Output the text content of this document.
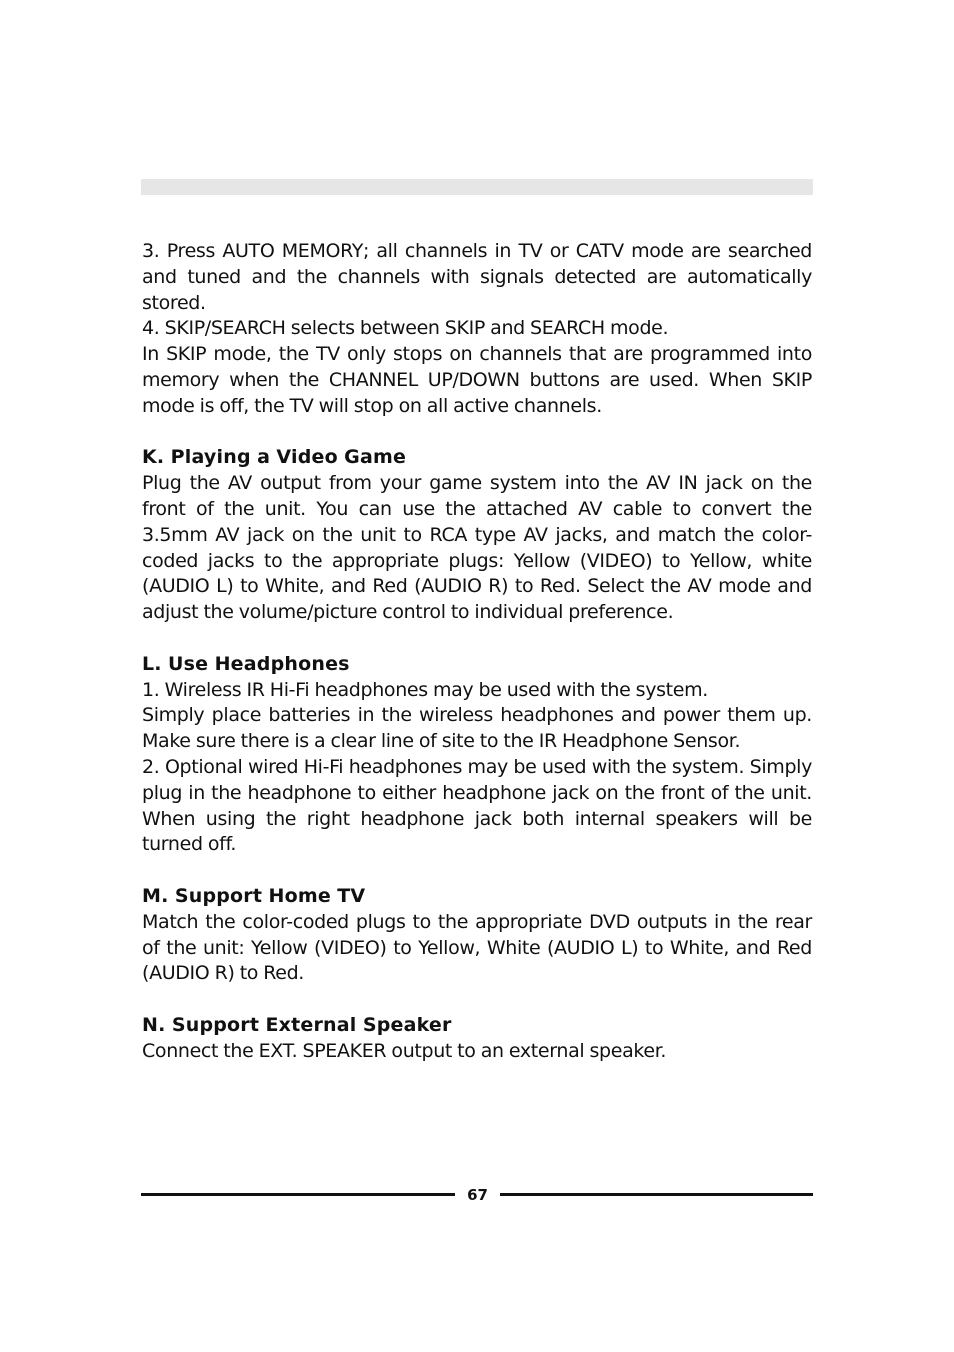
3. Press AUTO MEMORY; all channels in TV or CATV mode are searched and tuned and the channels with signals detected are automatically stored.

4. SKIP/SEARCH selects between SKIP and SEARCH mode.

In SKIP mode, the TV only stops on channels that are programmed into memory when the CHANNEL UP/DOWN buttons are used. When SKIP mode is off, the TV will stop on all active channels.

K. Playing a Video Game

Plug the AV output from your game system into the AV IN jack on the front of the unit. You can use the attached AV cable to convert the 3.5mm AV jack on the unit to RCA type AV jacks, and match the color-coded jacks to the appropriate plugs: Yellow (VIDEO) to Yellow, white (AUDIO L) to White, and Red (AUDIO R) to Red. Select the AV mode and adjust the volume/picture control to individual preference.

L. Use Headphones

1. Wireless IR Hi-Fi headphones may be used with the system.

Simply place batteries in the wireless headphones and power them up. Make sure there is a clear line of site to the IR Headphone Sensor.

2. Optional wired Hi-Fi headphones may be used with the system. Simply plug in the headphone to either headphone jack on the front of the unit. When using the right headphone jack both internal speakers will be turned off.

M. Support Home TV

Match the color-coded plugs to the appropriate DVD outputs in the rear of the unit: Yellow (VIDEO) to Yellow, White (AUDIO L) to White, and Red (AUDIO R) to Red.

N. Support External Speaker

Connect the EXT. SPEAKER output to an external speaker.

67
